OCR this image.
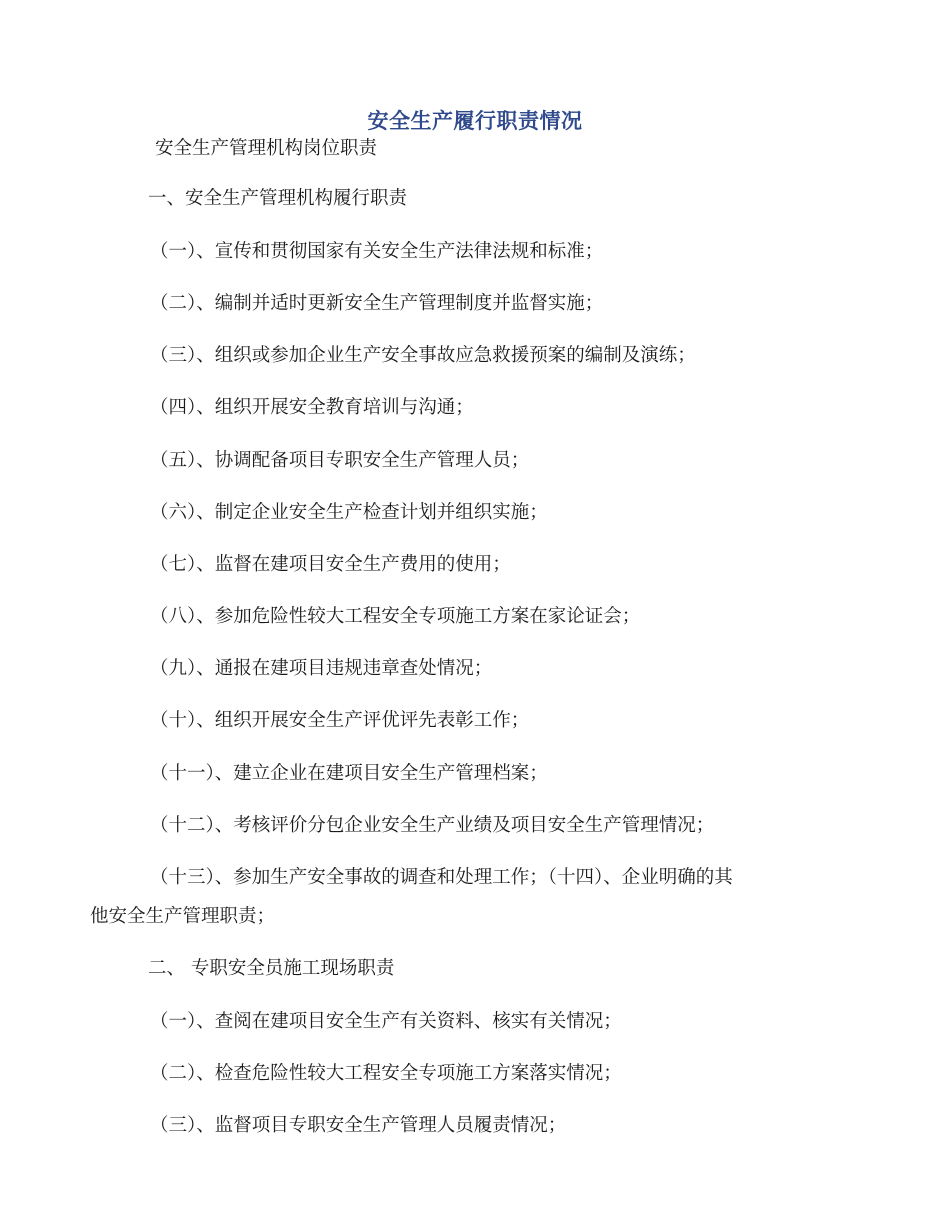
安全生产履行职责情况
安全生产管理机构岗位职责
一、安全生产管理机构履行职责
（一）、宣传和贯彻国家有关安全生产法律法规和标准；
（二）、编制并适时更新安全生产管理制度并监督实施；
（三）、组织或参加企业生产安全事故应急救援预案的编制及演练；
（四）、组织开展安全教育培训与沟通；
（五）、协调配备项目专职安全生产管理人员；
（六）、制定企业安全生产检查计划并组织实施；
（七）、监督在建项目安全生产费用的使用；
（八）、参加危险性较大工程安全专项施工方案在家论证会；
（九）、通报在建项目违规违章查处情况；
（十）、组织开展安全生产评优评先表彰工作；
（十一）、建立企业在建项目安全生产管理档案；
（十二）、考核评价分包企业安全生产业绩及项目安全生产管理情况；
（十三）、参加生产安全事故的调查和处理工作；（十四）、企业明确的其
他安全生产管理职责；
二、 专职安全员施工现场职责
（一）、查阅在建项目安全生产有关资料、核实有关情况；
（二）、检查危险性较大工程安全专项施工方案落实情况；
（三）、监督项目专职安全生产管理人员履责情况；
